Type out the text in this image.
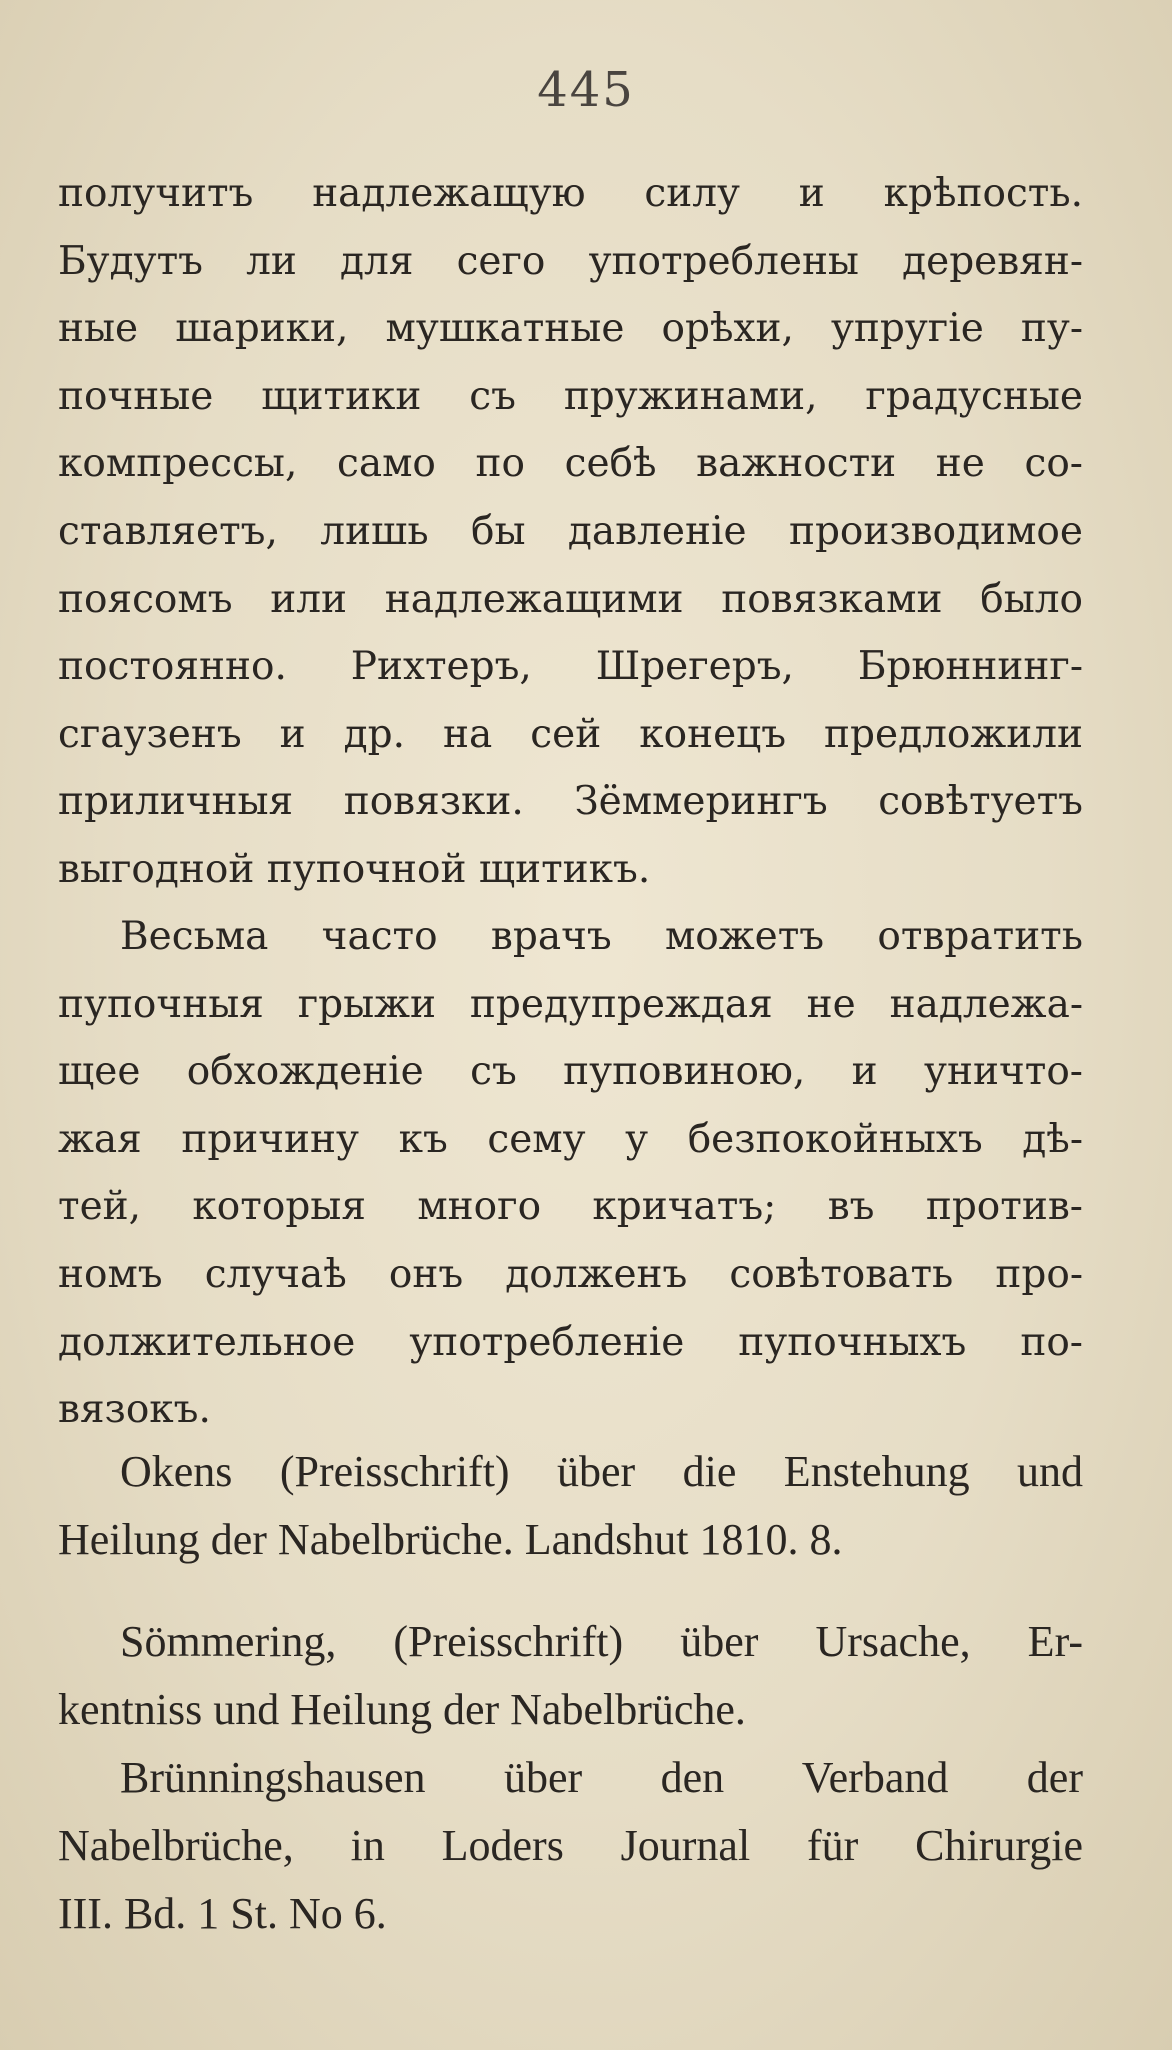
445
получитъ надлежащую силу и крѣпость.
Будутъ ли для сего употреблены деревян-
ные шарики, мушкатные орѣхи, упругіе пу-
почные щитики съ пружинами, градусные
компрессы, само по себѣ важности не со-
ставляетъ, лишь бы давленіе производимое
поясомъ или надлежащими повязками было
постоянно. Рихтеръ, Шрегеръ, Брюннинг-
сгаузенъ и др. на сей конецъ предложили
приличныя повязки. Зёммерингъ совѣтуетъ
выгодной пупочной щитикъ.
Весьма часто врачъ можетъ отвратить
пупочныя грыжи предупреждая не надлежа-
щее обхожденіе съ пуповиною, и уничто-
жая причину къ сему у безпокойныхъ дѣ-
тей, которыя много кричатъ; въ против-
номъ случаѣ онъ долженъ совѣтовать про-
должительное употребленіе пупочныхъ по-
вязокъ.
Okens (Preisschrift) über die Enstehung und
Heilung der Nabelbrüche. Landshut 1810. 8.
Sömmering, (Preisschrift) über Ursache, Er-
kentniss und Heilung der Nabelbrüche.
Brünningshausen über den Verband der
Nabelbrüche, in Loders Journal für Chirurgie
III. Bd. 1 St. No 6.
